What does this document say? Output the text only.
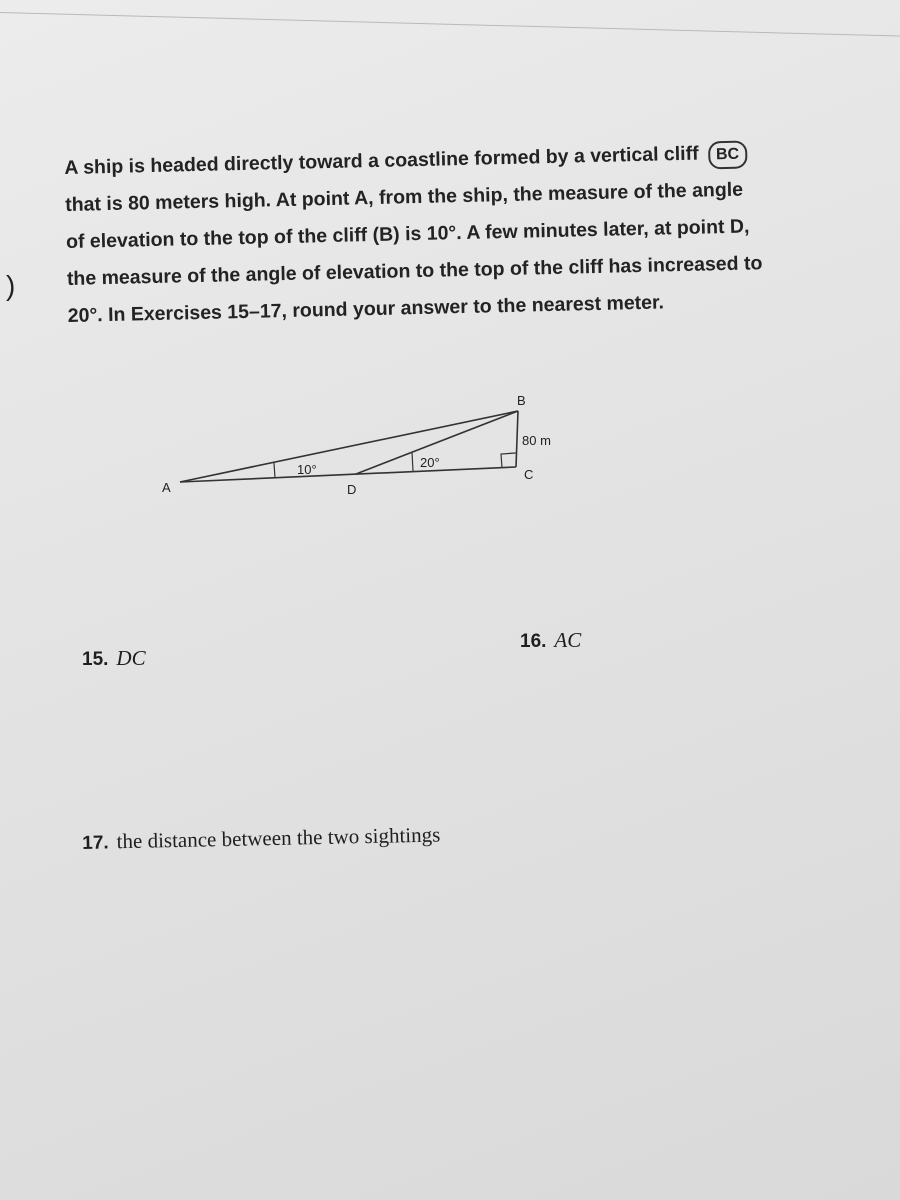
)
A ship is headed directly toward a coastline formed by a vertical cliff BC
that is 80 meters high. At point A, from the ship, the measure of the angle
of elevation to the top of the cliff (B) is 10°. A few minutes later, at point D,
the measure of the angle of elevation to the top of the cliff has increased to
20°. In Exercises 15–17, round your answer to the nearest meter.
A
B
C
D
10°	20°
80 m
15. DC
16. AC
17. the distance between the two sightings
